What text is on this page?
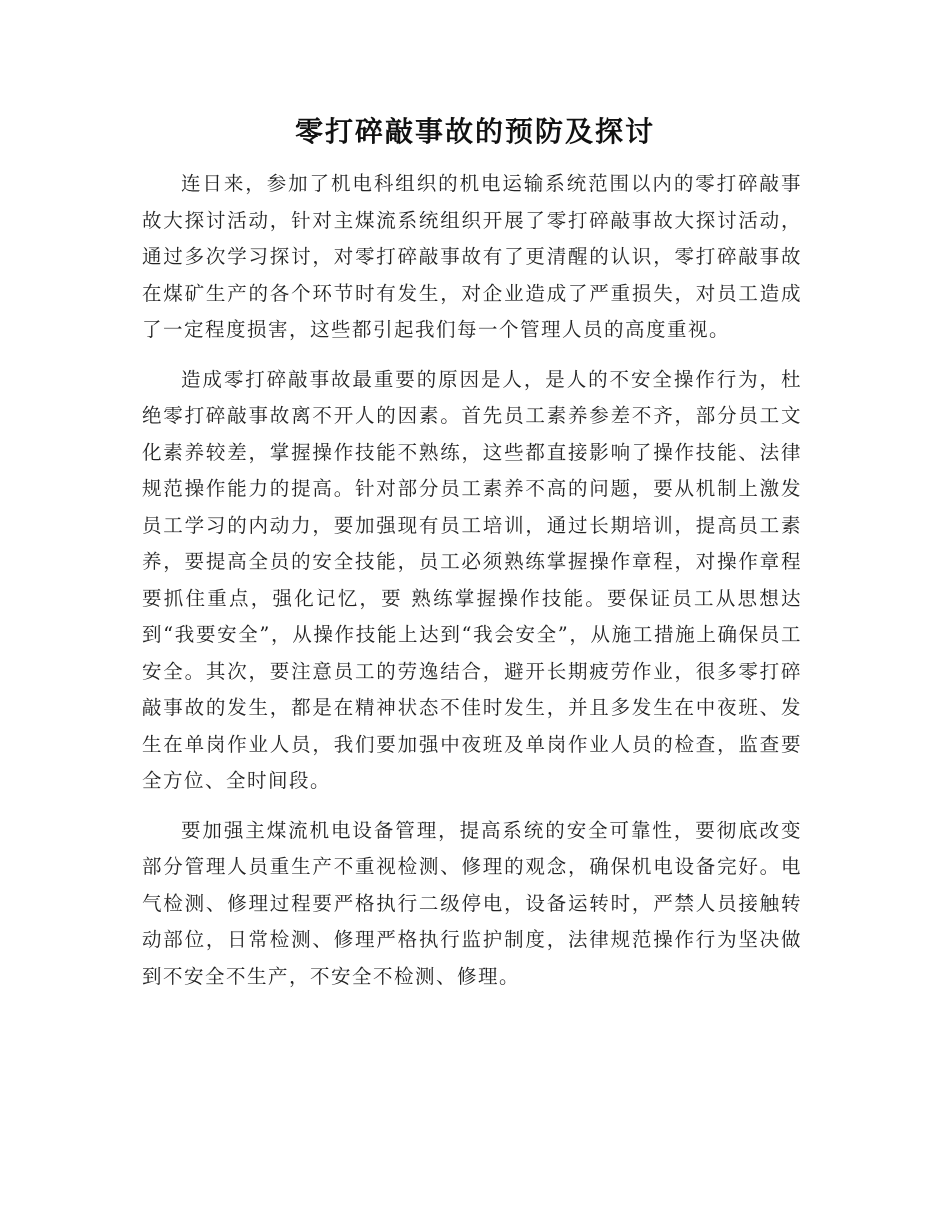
零打碎敲事故的预防及探讨

连日来，参加了机电科组织的机电运输系统范围以内的零打碎敲事故大探讨活动，针对主煤流系统组织开展了零打碎敲事故大探讨活动，通过多次学习探讨，对零打碎敲事故有了更清醒的认识，零打碎敲事故在煤矿生产的各个环节时有发生，对企业造成了严重损失，对员工造成了一定程度损害，这些都引起我们每一个管理人员的高度重视。

造成零打碎敲事故最重要的原因是人，是人的不安全操作行为，杜绝零打碎敲事故离不开人的因素。首先员工素养参差不齐，部分员工文化素养较差，掌握操作技能不熟练，这些都直接影响了操作技能、法律规范操作能力的提高。针对部分员工素养不高的问题，要从机制上激发员工学习的内动力，要加强现有员工培训，通过长期培训，提高员工素养，要提高全员的安全技能，员工必须熟练掌握操作章程，对操作章程要抓住重点，强化记忆，要 熟练掌握操作技能。要保证员工从思想达到“我要安全”，从操作技能上达到“我会安全”，从施工措施上确保员工安全。其次，要注意员工的劳逸结合，避开长期疲劳作业，很多零打碎敲事故的发生，都是在精神状态不佳时发生，并且多发生在中夜班、发生在单岗作业人员，我们要加强中夜班及单岗作业人员的检查，监查要全方位、全时间段。

要加强主煤流机电设备管理，提高系统的安全可靠性，要彻底改变部分管理人员重生产不重视检测、修理的观念，确保机电设备完好。电气检测、修理过程要严格执行二级停电，设备运转时，严禁人员接触转动部位，日常检测、修理严格执行监护制度，法律规范操作行为坚决做到不安全不生产，不安全不检测、修理。
